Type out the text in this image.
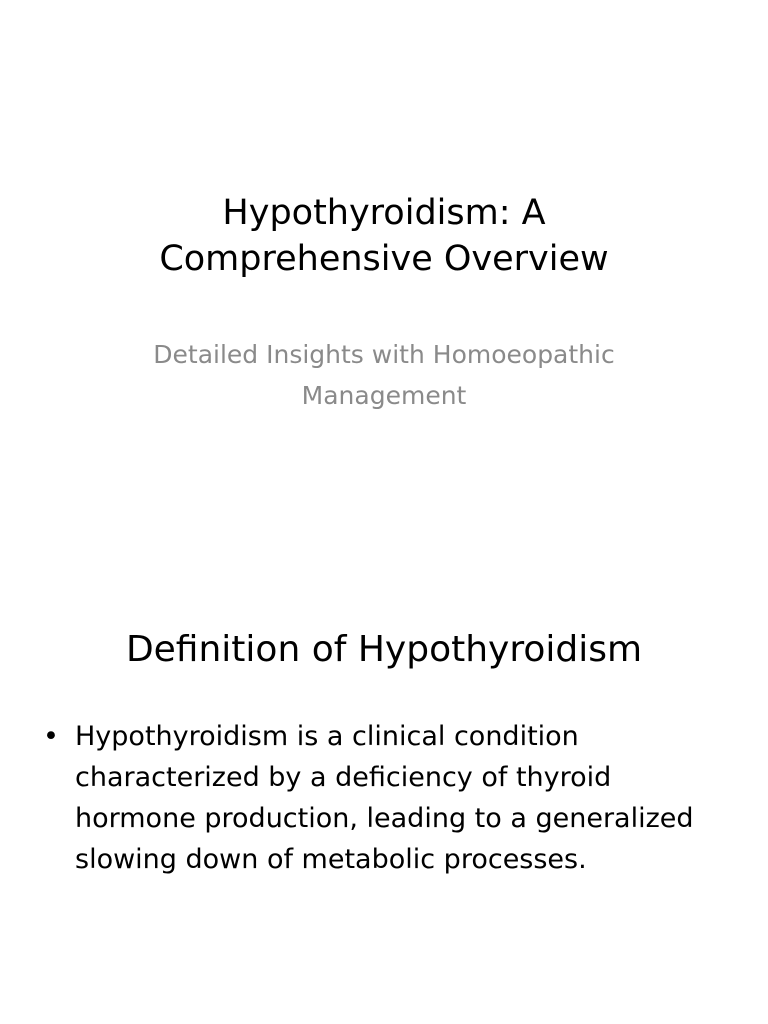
Hypothyroidism: A Comprehensive Overview
Detailed Insights with Homoeopathic Management
Definition of Hypothyroidism
• Hypothyroidism is a clinical condition characterized by a deficiency of thyroid hormone production, leading to a generalized slowing down of metabolic processes.
